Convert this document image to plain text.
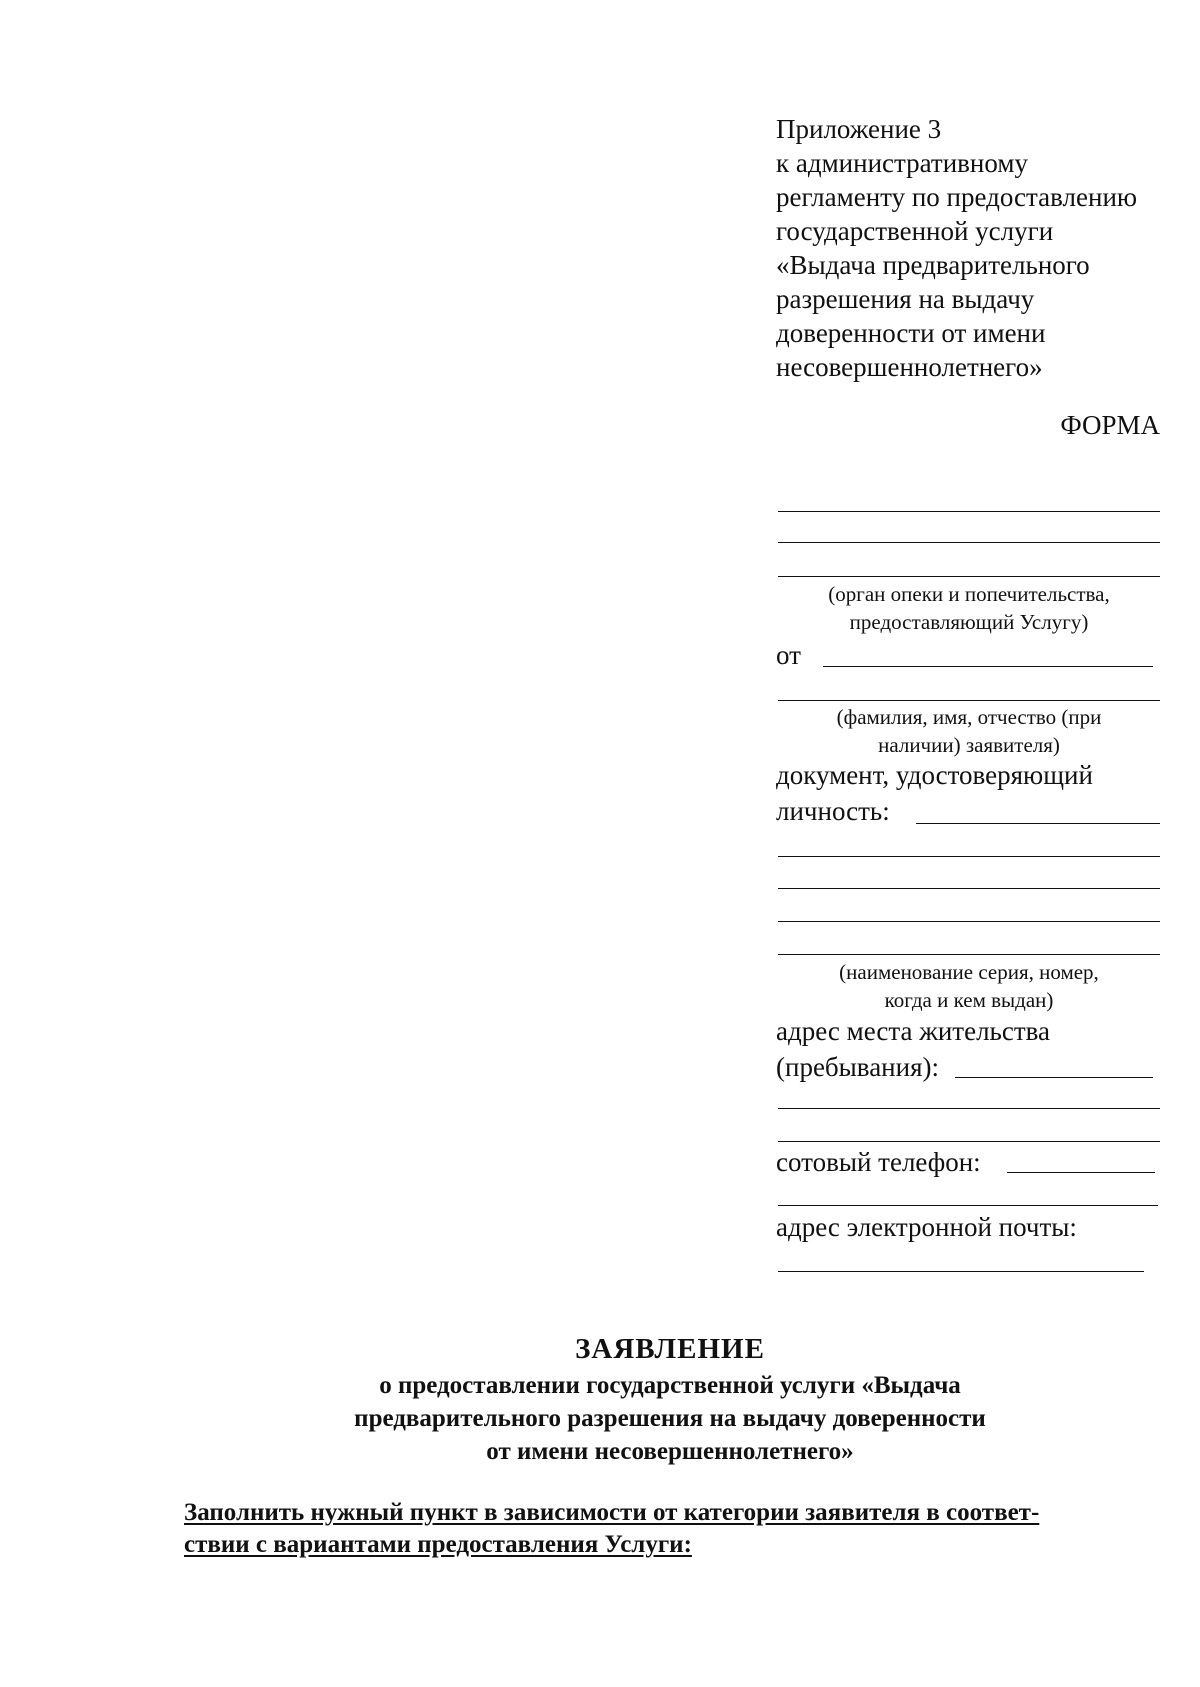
Приложение 3
к административному
регламенту по предоставлению
государственной услуги
«Выдача предварительного
разрешения на выдачу
доверенности от имени
несовершеннолетнего»
ФОРМА
(орган опеки и попечительства,
предоставляющий Услугу)
от
(фамилия, имя, отчество (при
наличии) заявителя)
документ, удостоверяющий
личность:
(наименование серия, номер,
когда и кем выдан)
адрес места жительства
(пребывания):
сотовый телефон:
адрес электронной почты:
ЗАЯВЛЕНИЕ
о предоставлении государственной услуги «Выдача
предварительного разрешения на выдачу доверенности
от имени несовершеннолетнего»
Заполнить нужный пункт в зависимости от категории заявителя в соответ-
ствии с вариантами предоставления Услуги:
